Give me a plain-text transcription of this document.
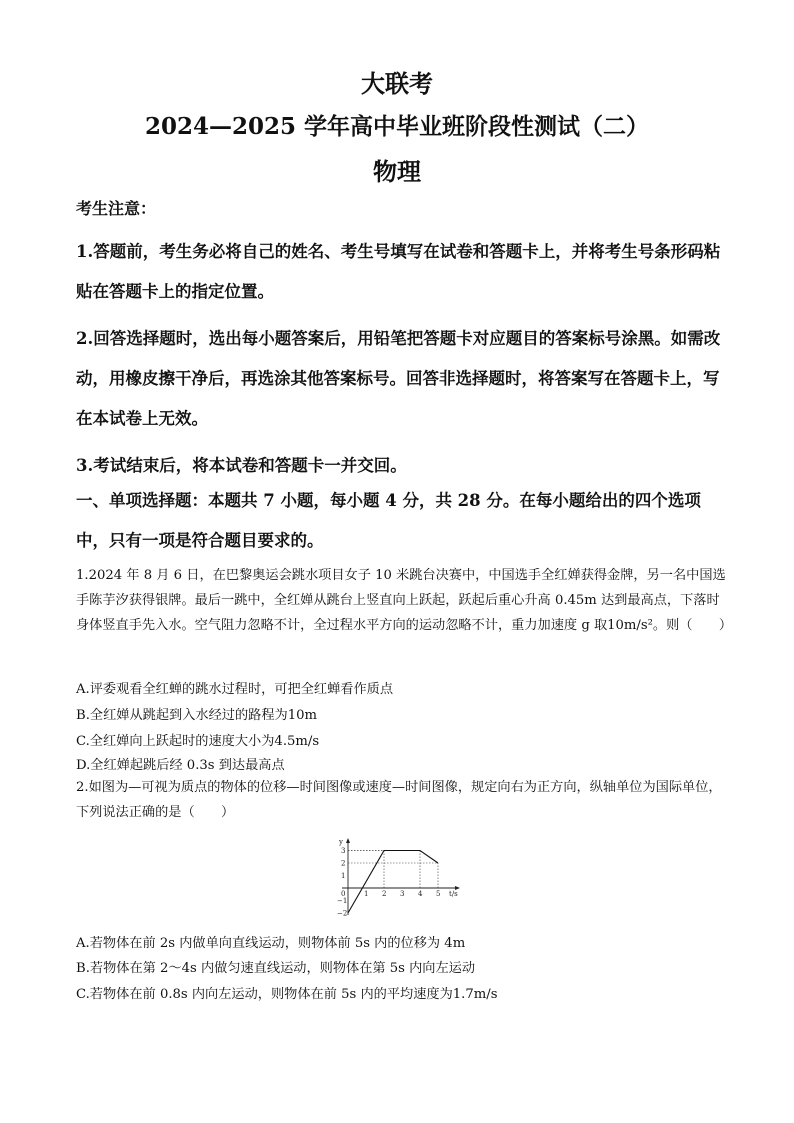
大联考
2024—2025 学年高中毕业班阶段性测试（二）
物理
考生注意：
1.答题前，考生务必将自己的姓名、考生号填写在试卷和答题卡上，并将考生号条形码粘贴在答题卡上的指定位置。
2.回答选择题时，选出每小题答案后，用铅笔把答题卡对应题目的答案标号涂黑。如需改动，用橡皮擦干净后，再选涂其他答案标号。回答非选择题时，将答案写在答题卡上，写在本试卷上无效。
3.考试结束后，将本试卷和答题卡一并交回。
一、单项选择题：本题共 7 小题，每小题 4 分，共 28 分。在每小题给出的四个选项中，只有一项是符合题目要求的。
1.2024 年 8 月 6 日，在巴黎奥运会跳水项目女子 10 米跳台决赛中，中国选手全红婵获得金牌，另一名中国选手陈芋汐获得银牌。最后一跳中，全红婵从跳台上竖直向上跃起，跃起后重心升高 0.45m 达到最高点，下落时身体竖直手先入水。空气阻力忽略不计，全过程水平方向的运动忽略不计，重力加速度 g 取10m/s²。则（　　）
A.评委观看全红蝉的跳水过程时，可把全红蝉看作质点
B.全红婵从跳起到入水经过的路程为10m
C.全红婵向上跃起时的速度大小为4.5m/s
D.全红婵起跳后经 0.3s 到达最高点
2.如图为—可视为质点的物体的位移—时间图像或速度—时间图像，规定向右为正方向，纵轴单位为国际单位，下列说法正确的是（　　）
y
t/s
0	1 2 3 4 5
3
2
1
−1
−2
A.若物体在前 2s 内做单向直线运动，则物体前 5s 内的位移为 4m
B.若物体在第 2～4s 内做匀速直线运动，则物体在第 5s 内向左运动
C.若物体在前 0.8s 内向左运动，则物体在前 5s 内的平均速度为1.7m/s
